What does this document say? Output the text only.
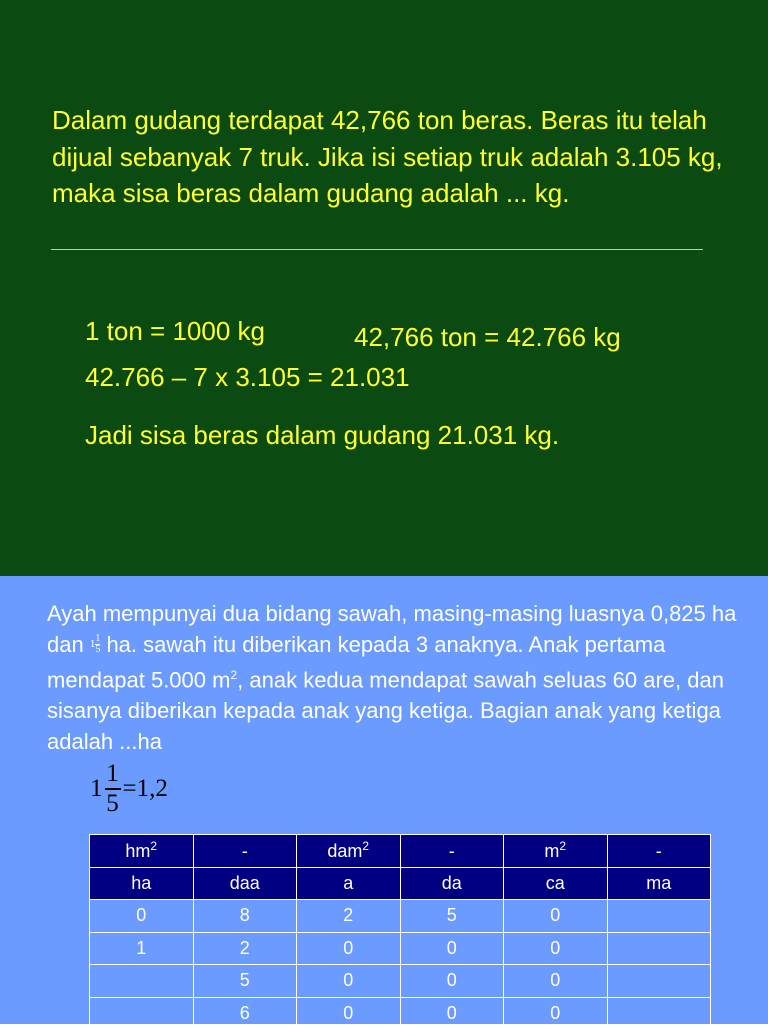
Dalam gudang terdapat 42,766 ton beras. Beras itu telah dijual sebanyak 7 truk. Jika isi setiap truk adalah 3.105 kg, maka sisa beras dalam gudang adalah ... kg.

1 ton = 1000 kg	42,766 ton = 42.766 kg

42.766 – 7 x 3.105 = 21.031

Jadi sisa beras dalam gudang 21.031 kg.

Ayah mempunyai dua bidang sawah, masing-masing luasnya 0,825 ha dan $1 \frac{1}{5}$ ha. sawah itu diberikan kepada 3 anaknya. Anak pertama mendapat 5.000 $m^2$, anak kedua mendapat sawah seluas 60 are, dan sisanya diberikan kepada anak yang ketiga. Bagian anak yang ketiga adalah ...ha

1
1
5
=1,2
$hm^2$	-	dam$^2$	-	$m^2$	-
ha	daa	a	da	ca	ma
0	8	2	5	0	
1	2	0	0	0	
	5	0	0	0	
	6	0	0	0	
